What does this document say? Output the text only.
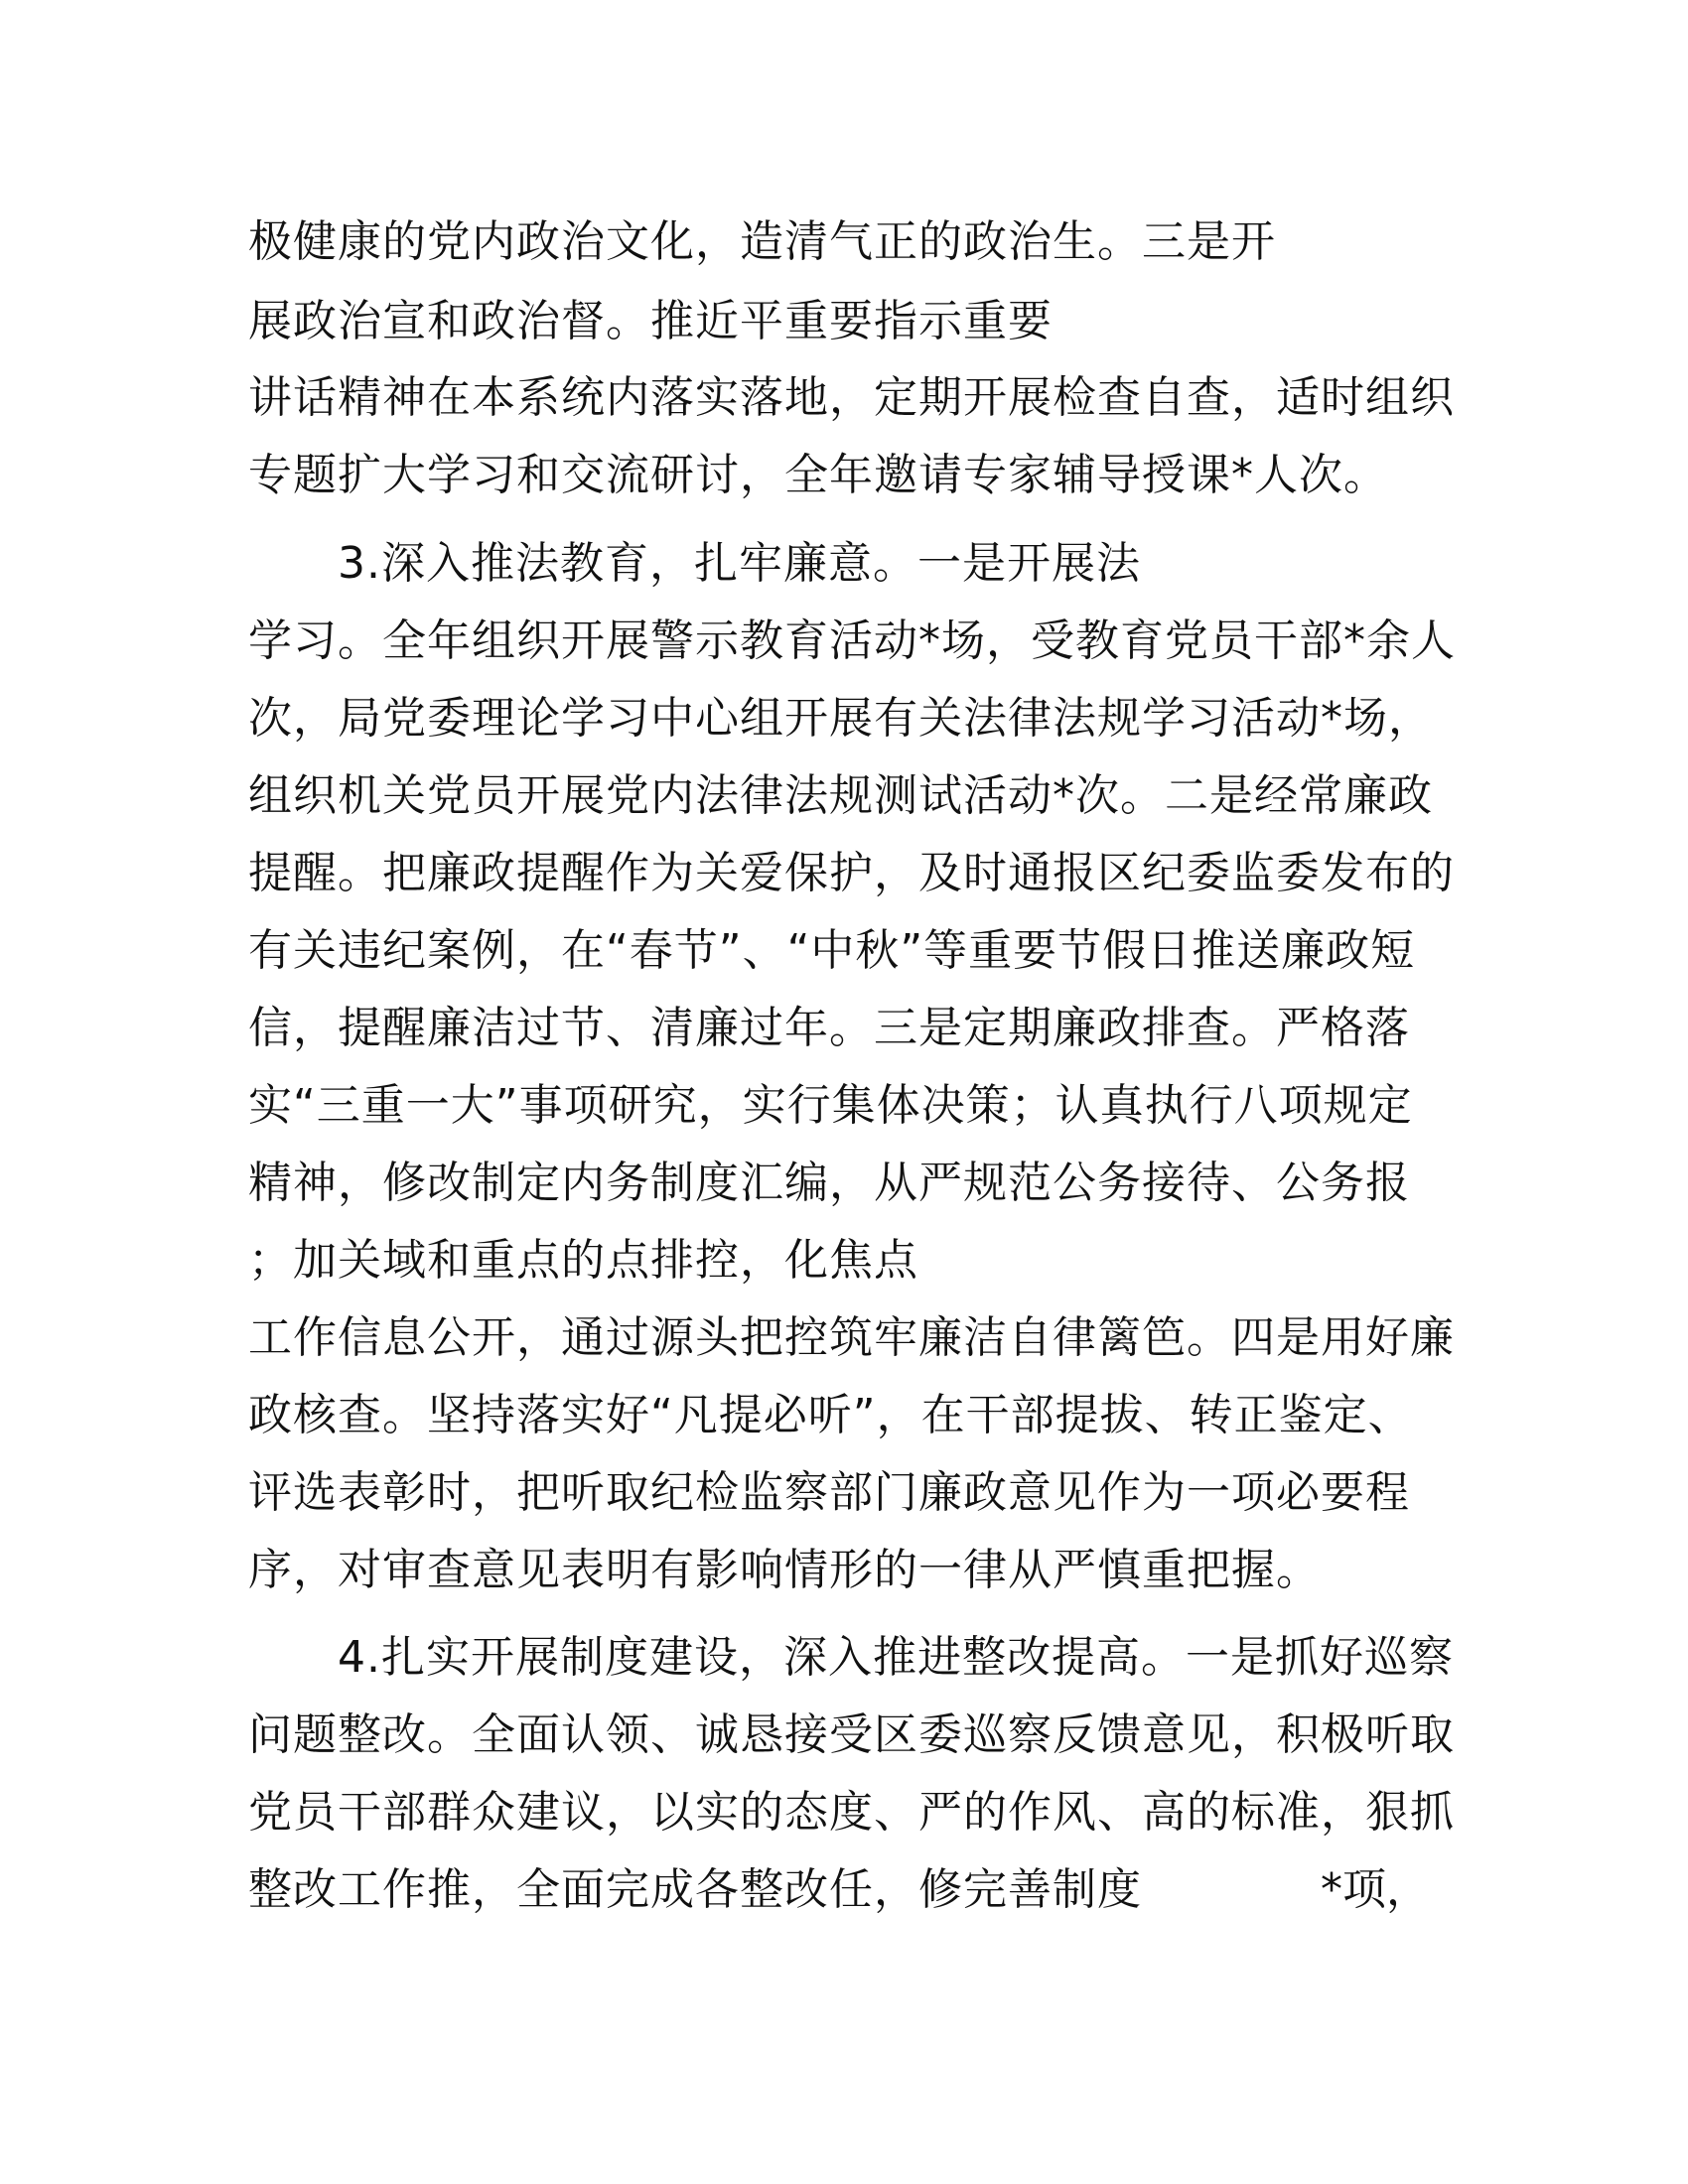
极健康的党内政治文化，造清气正的政治生。三是开
展政治宣和政治督。推近平重要指示重要
讲话精神在本系统内落实落地，定期开展检查自查，适时组织
专题扩大学习和交流研讨，全年邀请专家辅导授课*人次。
3.深入推法教育，扎牢廉意。一是开展法
学习。全年组织开展警示教育活动*场，受教育党员干部*余人
次，局党委理论学习中心组开展有关法律法规学习活动*场，
组织机关党员开展党内法律法规测试活动*次。二是经常廉政
提醒。把廉政提醒作为关爱保护，及时通报区纪委监委发布的
有关违纪案例，在“春节”、“中秋”等重要节假日推送廉政短
信，提醒廉洁过节、清廉过年。三是定期廉政排查。严格落
实“三重一大”事项研究，实行集体决策；认真执行八项规定
精神，修改制定内务制度汇编，从严规范公务接待、公务报
；加关域和重点的点排控，化焦点
工作信息公开，通过源头把控筑牢廉洁自律篱笆。四是用好廉
政核查。坚持落实好“凡提必听”，在干部提拔、转正鉴定、
评选表彰时，把听取纪检监察部门廉政意见作为一项必要程
序，对审查意见表明有影响情形的一律从严慎重把握。
4.扎实开展制度建设，深入推进整改提高。一是抓好巡察
问题整改。全面认领、诚恳接受区委巡察反馈意见，积极听取
党员干部群众建议，以实的态度、严的作风、高的标准，狠抓
整改工作推，全面完成各整改任，修完善制度	*项，
